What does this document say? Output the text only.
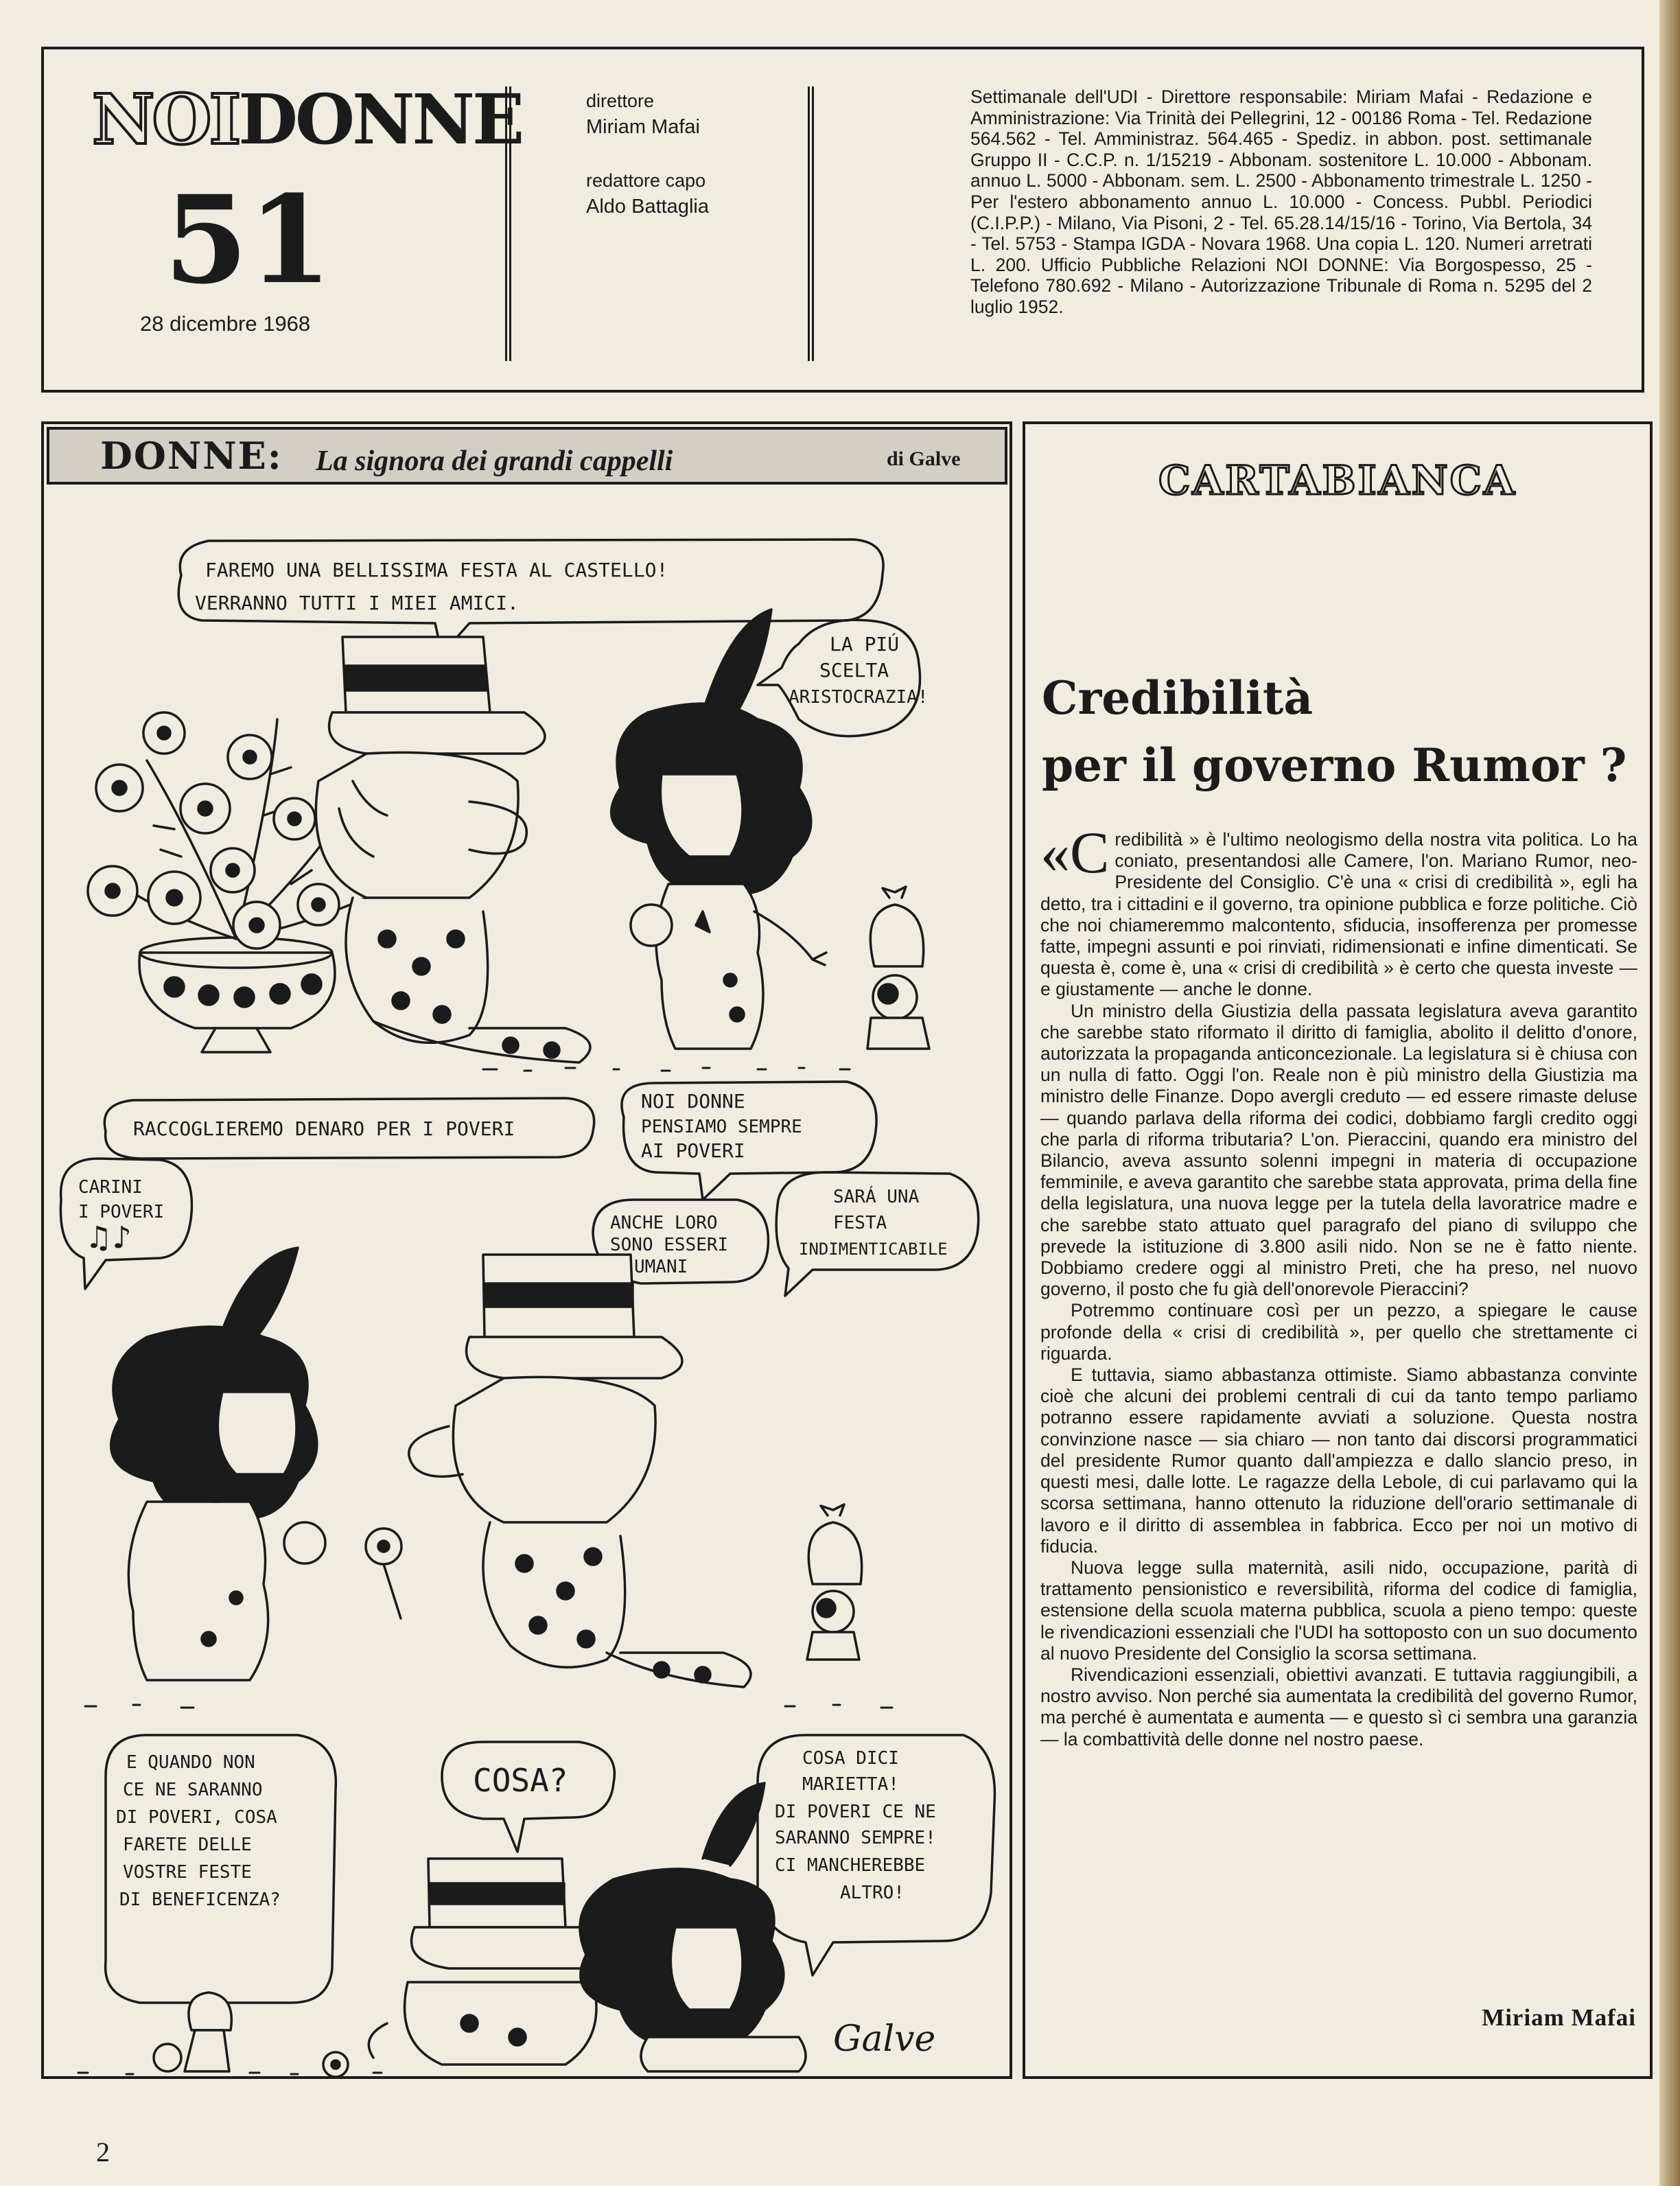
NOIDONNE
51
28 dicembre 1968
direttore
Miriam Mafai
redattore capo
Aldo Battaglia
Settimanale dell'UDI - Direttore responsabile: Miriam Mafai - Redazione e Amministrazione: Via Trinità dei Pellegrini, 12 - 00186 Roma - Tel. Redazione 564.562 - Tel. Amministraz. 564.465 - Spediz. in abbon. post. settimanale Gruppo II - C.C.P. n. 1/15219 - Abbonam. sostenitore L. 10.000 - Abbonam. annuo L. 5000 - Abbonam. sem. L. 2500 - Abbonamento trimestrale L. 1250 - Per l'estero abbonamento annuo L. 10.000 - Concess. Pubbl. Periodici (C.I.P.P.) - Milano, Via Pisoni, 2 - Tel. 65.28.14/15/16 - Torino, Via Bertola, 34 - Tel. 5753 - Stampa IGDA - Novara 1968. Una copia L. 120. Numeri arretrati L. 200. Ufficio Pubbliche Relazioni NOI DONNE: Via Borgospesso, 25 - Telefono 780.692 - Milano - Autorizzazione Tribunale di Roma n. 5295 del 2 luglio 1952.
DONNE: La signora dei grandi cappelli	di Galve
FAREMO UNA BELLISSIMA FESTA AL CASTELLO!
VERRANNO TUTTI I MIEI AMICI.
LA PIÚ
SCELTA
ARISTOCRAZIA!
RACCOGLIEREMO DENARO PER I POVERI
NOI DONNE
PENSIAMO SEMPRE
AI POVERI
CARINI
I POVERI
♫♪	ANCHE LORO
SONO ESSERI
UMANI
SARÁ UNA
FESTA
INDIMENTICABILE
E QUANDO NON
CE NE SARANNO
DI POVERI, COSA
FARETE DELLE
VOSTRE FESTE
DI BENEFICENZA?
COSA?
COSA DICI
MARIETTA!
DI POVERI CE NE
SARANNO SEMPRE!
CI MANCHEREBBE
ALTRO!
Galve
CARTABIANCA
Credibilità
per il governo Rumor ?

«Credibilità » è l'ultimo neologismo della nostra vita politica. Lo ha coniato, presentandosi alle Camere, l'on. Mariano Rumor, neo-Presidente del Consiglio. C'è una « crisi di credibilità », egli ha detto, tra i cittadini e il governo, tra opinione pubblica e forze politiche. Ciò che noi chiameremmo malcontento, sfiducia, insofferenza per promesse fatte, impegni assunti e poi rinviati, ridimensionati e infine dimenticati. Se questa è, come è, una « crisi di credibilità » è certo che questa investe — e giustamente — anche le donne.

Un ministro della Giustizia della passata legislatura aveva garantito che sarebbe stato riformato il diritto di famiglia, abolito il delitto d'onore, autorizzata la propaganda anticoncezionale. La legislatura si è chiusa con un nulla di fatto. Oggi l'on. Reale non è più ministro della Giustizia ma ministro delle Finanze. Dopo avergli creduto — ed essere rimaste deluse — quando parlava della riforma dei codici, dobbiamo fargli credito oggi che parla di riforma tributaria? L'on. Pieraccini, quando era ministro del Bilancio, aveva assunto solenni impegni in materia di occupazione femminile, e aveva garantito che sarebbe stata approvata, prima della fine della legislatura, una nuova legge per la tutela della lavoratrice madre e che sarebbe stato attuato quel paragrafo del piano di sviluppo che prevede la istituzione di 3.800 asili nido. Non se ne è fatto niente. Dobbiamo credere oggi al ministro Preti, che ha preso, nel nuovo governo, il posto che fu già dell'onorevole Pieraccini?

Potremmo continuare così per un pezzo, a spiegare le cause profonde della « crisi di credibilità », per quello che strettamente ci riguarda.

E tuttavia, siamo abbastanza ottimiste. Siamo abbastanza convinte cioè che alcuni dei problemi centrali di cui da tanto tempo parliamo potranno essere rapidamente avviati a soluzione. Questa nostra convinzione nasce — sia chiaro — non tanto dai discorsi programmatici del presidente Rumor quanto dall'ampiezza e dallo slancio preso, in questi mesi, dalle lotte. Le ragazze della Lebole, di cui parlavamo qui la scorsa settimana, hanno ottenuto la riduzione dell'orario settimanale di lavoro e il diritto di assemblea in fabbrica. Ecco per noi un motivo di fiducia.

Nuova legge sulla maternità, asili nido, occupazione, parità di trattamento pensionistico e reversibilità, riforma del codice di famiglia, estensione della scuola materna pubblica, scuola a pieno tempo: queste le rivendicazioni essenziali che l'UDI ha sottoposto con un suo documento al nuovo Presidente del Consiglio la scorsa settimana.

Rivendicazioni essenziali, obiettivi avanzati. E tuttavia raggiungibili, a nostro avviso. Non perché sia aumentata la credibilità del governo Rumor, ma perché è aumentata e aumenta — e questo sì ci sembra una garanzia — la combattività delle donne nel nostro paese.

Miriam Mafai
2
